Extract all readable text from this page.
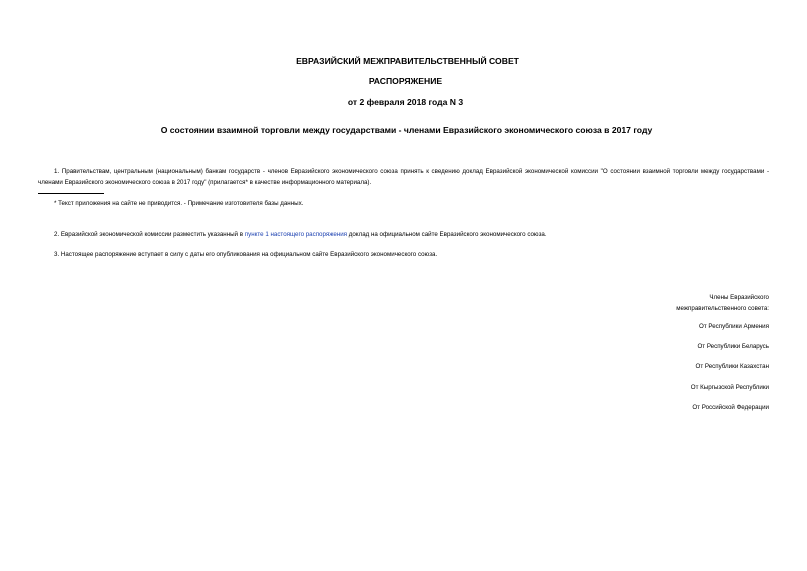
ЕВРАЗИЙСКИЙ МЕЖПРАВИТЕЛЬСТВЕННЫЙ СОВЕТ
РАСПОРЯЖЕНИЕ
от 2 февраля 2018 года N 3
О состоянии взаимной торговли между государствами - членами Евразийского экономического союза в 2017 году
1. Правительствам, центральным (национальным) банкам государств - членов Евразийского экономического союза принять к сведению доклад Евразийской экономической комиссии "О состоянии взаимной торговли между государствами - членами Евразийского экономического союза в 2017 году" (прилагается* в качестве информационного материала).
* Текст приложения на сайте не приводится. - Примечание изготовителя базы данных.
2. Евразийской экономической комиссии разместить указанный в пункте 1 настоящего распоряжения доклад на официальном сайте Евразийского экономического союза.
3. Настоящее распоряжение вступает в силу с даты его опубликования на официальном сайте Евразийского экономического союза.
Члены Евразийского
межправительственного совета:
От Республики Армения
От Республики Беларусь
От Республики Казахстан
От Кыргызской Республики
От Российской Федерации
